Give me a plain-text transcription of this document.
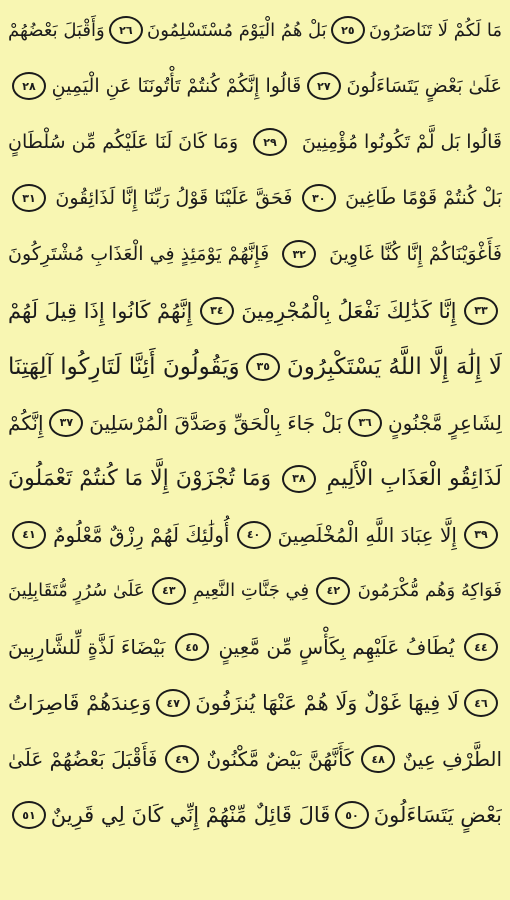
مَا لَكُمْ لَا تَنَاصَرُونَ
٢٥
بَلْ هُمُ الْيَوْمَ مُسْتَسْلِمُونَ
٢٦
وَأَقْبَلَ بَعْضُهُمْ
عَلَىٰ بَعْضٍ يَتَسَاءَلُونَ
٢٧
قَالُوا إِنَّكُمْ كُنتُمْ تَأْتُونَنَا عَنِ الْيَمِينِ
٢٨
قَالُوا بَل لَّمْ تَكُونُوا مُؤْمِنِينَ
٢٩
وَمَا كَانَ لَنَا عَلَيْكُم مِّن سُلْطَانٍ
بَلْ كُنتُمْ قَوْمًا طَاغِينَ
٣٠
فَحَقَّ عَلَيْنَا قَوْلُ رَبِّنَا إِنَّا لَذَائِقُونَ
٣١
فَأَغْوَيْنَاكُمْ إِنَّا كُنَّا غَاوِينَ
٣٢
فَإِنَّهُمْ يَوْمَئِذٍ فِي الْعَذَابِ مُشْتَرِكُونَ
٣٣
إِنَّا كَذَٰلِكَ نَفْعَلُ بِالْمُجْرِمِينَ
٣٤
إِنَّهُمْ كَانُوا إِذَا قِيلَ لَهُمْ
لَا إِلَٰهَ إِلَّا اللَّهُ يَسْتَكْبِرُونَ
٣٥
وَيَقُولُونَ أَئِنَّا لَتَارِكُوا آلِهَتِنَا
لِشَاعِرٍ مَّجْنُونٍ
٣٦
بَلْ جَاءَ بِالْحَقِّ وَصَدَّقَ الْمُرْسَلِينَ
٣٧
إِنَّكُمْ
لَذَائِقُو الْعَذَابِ الْأَلِيمِ
٣٨
وَمَا تُجْزَوْنَ إِلَّا مَا كُنتُمْ تَعْمَلُونَ
٣٩
إِلَّا عِبَادَ اللَّهِ الْمُخْلَصِينَ
٤٠
أُولَٰئِكَ لَهُمْ رِزْقٌ مَّعْلُومٌ
٤١
فَوَاكِهُ وَهُم مُّكْرَمُونَ
٤٢
فِي جَنَّاتِ النَّعِيمِ
٤٣
عَلَىٰ سُرُرٍ مُّتَقَابِلِينَ
٤٤
يُطَافُ عَلَيْهِم بِكَأْسٍ مِّن مَّعِينٍ
٤٥
بَيْضَاءَ لَذَّةٍ لِّلشَّارِبِينَ
٤٦
لَا فِيهَا غَوْلٌ وَلَا هُمْ عَنْهَا يُنزَفُونَ
٤٧
وَعِندَهُمْ قَاصِرَاتُ
الطَّرْفِ عِينٌ
٤٨
كَأَنَّهُنَّ بَيْضٌ مَّكْنُونٌ
٤٩
فَأَقْبَلَ بَعْضُهُمْ عَلَىٰ
بَعْضٍ يَتَسَاءَلُونَ
٥٠
قَالَ قَائِلٌ مِّنْهُمْ إِنِّي كَانَ لِي قَرِينٌ
٥١
